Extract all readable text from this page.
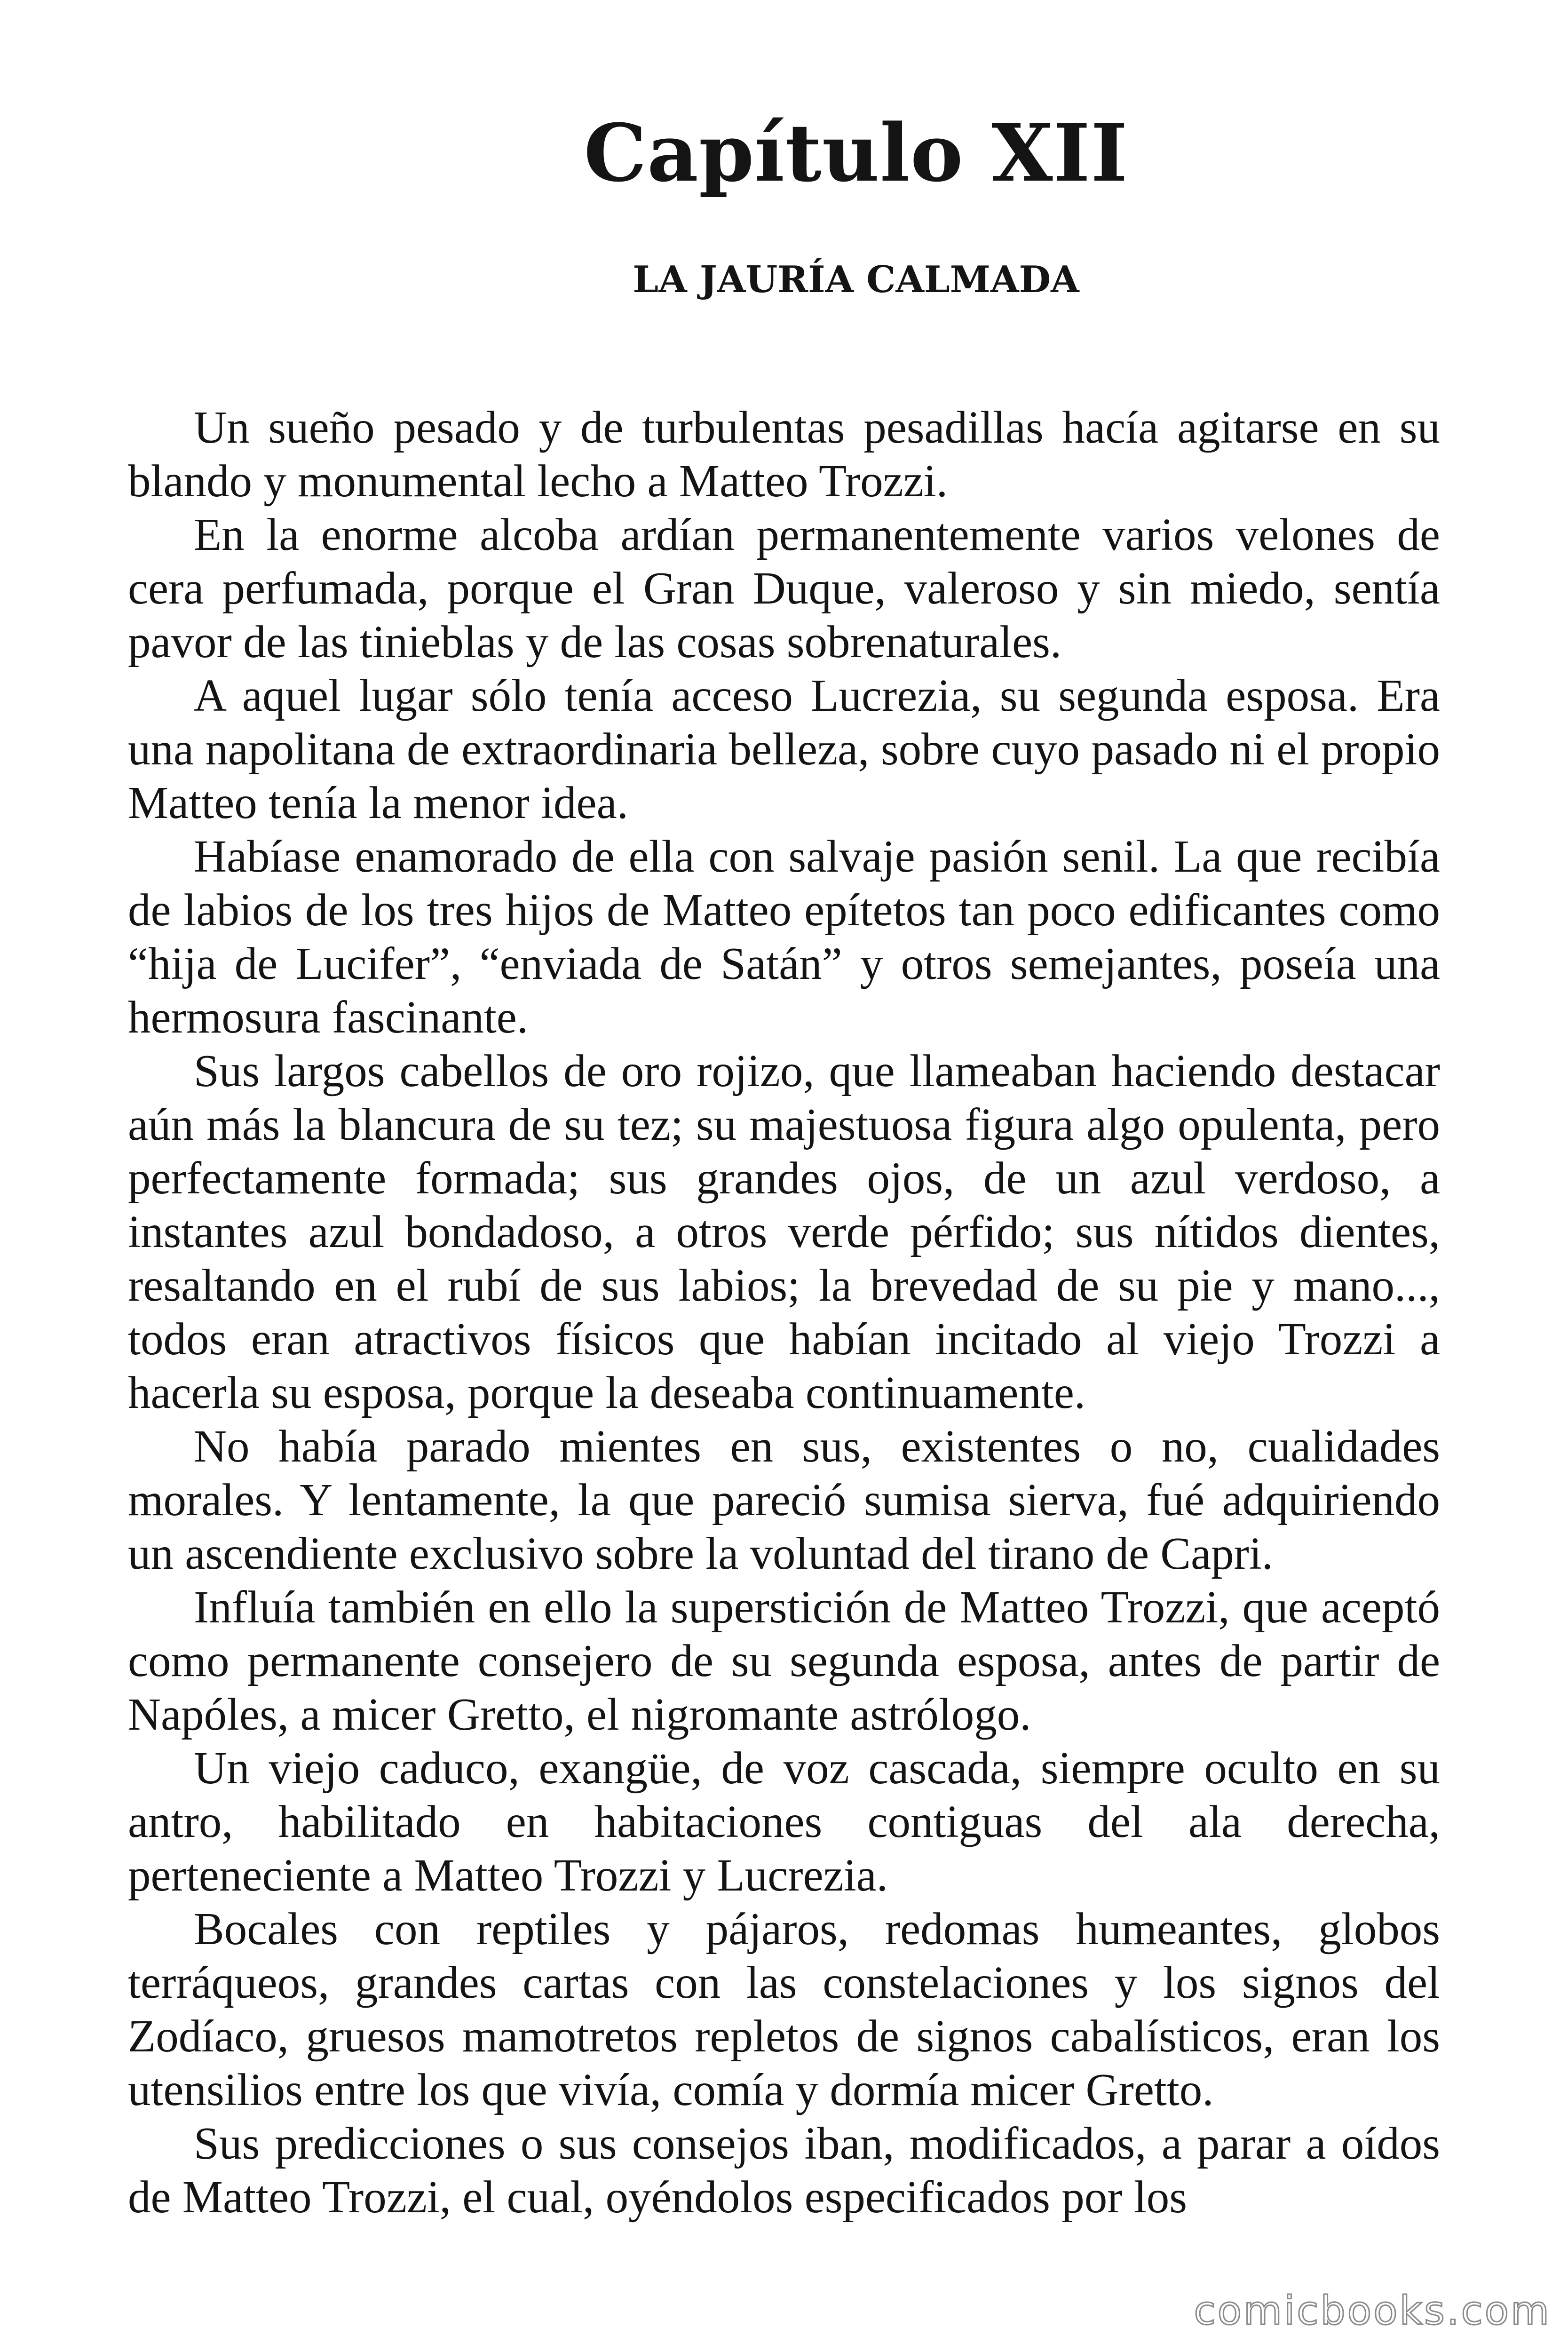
Capítulo XII
LA JAURÍA CALMADA

Un sueño pesado y de turbulentas pesadillas hacía agitarse en su blando y monumental lecho a Matteo Trozzi.

En la enorme alcoba ardían permanentemente varios velones de cera perfumada, porque el Gran Duque, valeroso y sin miedo, sentía pavor de las tinieblas y de las cosas sobrenaturales.

A aquel lugar sólo tenía acceso Lucrezia, su segunda esposa. Era una napolitana de extraordinaria belleza, sobre cuyo pasado ni el propio Matteo tenía la menor idea.

Habíase enamorado de ella con salvaje pasión senil. La que recibía de labios de los tres hijos de Matteo epítetos tan poco edificantes como “hija de Lucifer”, “enviada de Satán” y otros semejantes, poseía una hermosura fascinante.

Sus largos cabellos de oro rojizo, que llameaban haciendo destacar aún más la blancura de su tez; su majestuosa figura algo opulenta, pero perfectamente formada; sus grandes ojos, de un azul verdoso, a instantes azul bondadoso, a otros verde pérfido; sus nítidos dientes, resaltando en el rubí de sus labios; la brevedad de su pie y mano..., todos eran atractivos físicos que habían incitado al viejo Trozzi a hacerla su esposa, porque la deseaba continuamente.

No había parado mientes en sus, existentes o no, cualidades morales. Y lentamente, la que pareció sumisa sierva, fué adquiriendo un ascendiente exclusivo sobre la voluntad del tirano de Capri.

Influía también en ello la superstición de Matteo Trozzi, que aceptó como permanente consejero de su segunda esposa, antes de partir de Napóles, a micer Gretto, el nigromante astrólogo.

Un viejo caduco, exangüe, de voz cascada, siempre oculto en su antro, habilitado en habitaciones contiguas del ala derecha, perteneciente a Matteo Trozzi y Lucrezia.

Bocales con reptiles y pájaros, redomas humeantes, globos terráqueos, grandes cartas con las constelaciones y los signos del Zodíaco, gruesos mamotretos repletos de signos cabalísticos, eran los utensilios entre los que vivía, comía y dormía micer Gretto.

Sus predicciones o sus consejos iban, modificados, a parar a oídos de Matteo Trozzi, el cual, oyéndolos especificados por los

comicbooks.com
